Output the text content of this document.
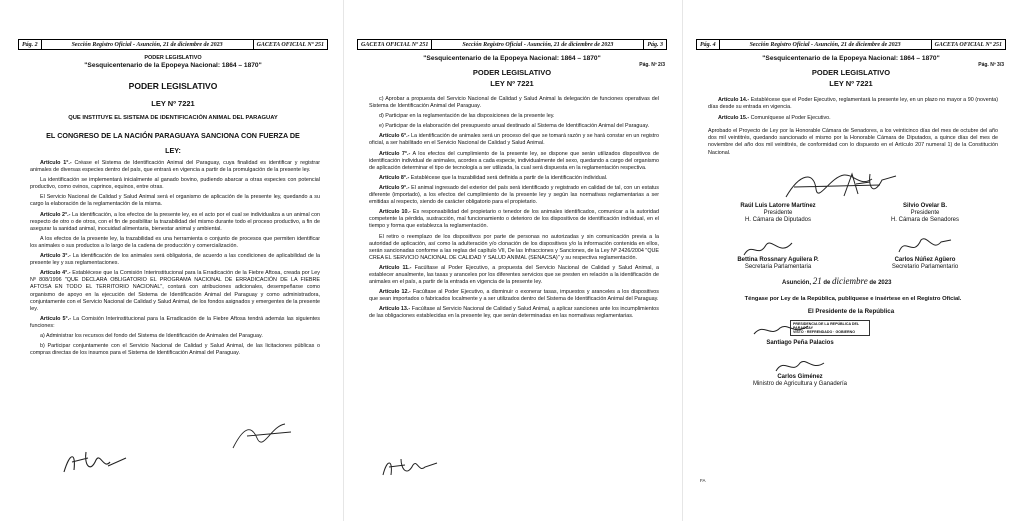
Pág. 2	Sección Registro Oficial - Asunción, 21 de diciembre de 2023	GACETA OFICIAL Nº 251
PODER LEGISLATIVO
"Sesquicentenario de la Epopeya Nacional: 1864 – 1870"
PODER LEGISLATIVO
LEY Nº 7221
QUE INSTITUYE EL SISTEMA DE IDENTIFICACIÓN ANIMAL DEL PARAGUAY
EL CONGRESO DE LA NACIÓN PARAGUAYA SANCIONA CON FUERZA DE
LEY:

Artículo 1°.- Créase el Sistema de Identificación Animal del Paraguay, cuya finalidad es identificar y registrar animales de diversas especies dentro del país, que entrará en vigencia a partir de la promulgación de la presente ley.

La identificación se implementará inicialmente al ganado bovino, pudiendo abarcar a otras especies con potencial productivo, como ovinos, caprinos, equinos, entre otras.

El Servicio Nacional de Calidad y Salud Animal será el organismo de aplicación de la presente ley, quedando a su cargo la elaboración de la reglamentación de la misma.

Artículo 2°.- La identificación, a los efectos de la presente ley, es el acto por el cual se individualiza a un animal con respecto de otro o de otros, con el fin de posibilitar la trazabilidad del mismo durante todo el proceso productivo, a fin de asegurar la sanidad animal, inocuidad alimentaria, bienestar animal y ambiental.

A los efectos de la presente ley, la trazabilidad es una herramienta o conjunto de procesos que permiten identificar los animales o sus productos a lo largo de la cadena de producción y comercialización.

Artículo 3°.- La identificación de los animales será obligatoria, de acuerdo a las condiciones de aplicabilidad de la presente ley y sus reglamentaciones.

Artículo 4°.- Establécese que la Comisión Interinstitucional para la Erradicación de la Fiebre Aftosa, creada por Ley Nº 808/1996 "QUE DECLARA OBLIGATORIO EL PROGRAMA NACIONAL DE ERRADICACIÓN DE LA FIEBRE AFTOSA EN TODO EL TERRITORIO NACIONAL", contará con atribuciones adicionales, desempeñarse como organismo de apoyo en la ejecución del Sistema de Identificación Animal del Paraguay y como administradora, conjuntamente con el Servicio Nacional de Calidad y Salud Animal, de los fondos asignados y emergentes de la presente ley.

Artículo 5°.- La Comisión Interinstitucional para la Erradicación de la Fiebre Aftosa tendrá además las siguientes funciones:

a) Administrar los recursos del fondo del Sistema de Identificación de Animales del Paraguay.

b) Participar conjuntamente con el Servicio Nacional de Calidad y Salud Animal, de las licitaciones públicas o compras directas de los insumos para el Sistema de Identificación Animal del Paraguay.

GACETA OFICIAL Nº 251	Sección Registro Oficial - Asunción, 21 de diciembre de 2023	Pág. 3
"Sesquicentenario de la Epopeya Nacional: 1864 – 1870"
Pág. Nº 2/3
PODER LEGISLATIVO
LEY Nº 7221

c) Aprobar a propuesta del Servicio Nacional de Calidad y Salud Animal la delegación de funciones operativas del Sistema de Identificación Animal del Paraguay.

d) Participar en la reglamentación de las disposiciones de la presente ley.

e) Participar de la elaboración del presupuesto anual destinado al Sistema de Identificación Animal del Paraguay.

Artículo 6°.- La identificación de animales será un proceso del que se tomará razón y se hará constar en un registro oficial, a ser habilitado en el Servicio Nacional de Calidad y Salud Animal.

Artículo 7°.- A los efectos del cumplimiento de la presente ley, se dispone que serán utilizados dispositivos de identificación individual de animales, acordes a cada especie, individualmente del sexo, quedando a cargo del organismo de aplicación determinar el tipo de tecnología a ser utilizada, la cual será dispuesta en la reglamentación respectiva.

Artículo 8°.- Establécese que la trazabilidad será definida a partir de la identificación individual.

Artículo 9°.- El animal ingresado del exterior del país será identificado y registrado en calidad de tal, con un estatus diferente (importado), a los efectos del cumplimiento de la presente ley y según las normativas reglamentarias a ser emitidas al respecto, siendo de carácter obligatorio para el propietario.

Artículo 10.- Es responsabilidad del propietario o tenedor de los animales identificados, comunicar a la autoridad competente la pérdida, sustracción, mal funcionamiento o deterioro de los dispositivos de identificación individual, en el tiempo y forma que establezca la reglamentación.

El retiro o reemplazo de los dispositivos por parte de personas no autorizadas y sin comunicación previa a la autoridad de aplicación, así como la adulteración y/o clonación de los dispositivos y/o la información contenida en ellos, serán sancionadas conforme a las reglas del capítulo VII, De las Infracciones y Sanciones, de la Ley Nº 2426/2004 "QUE CREA EL SERVICIO NACIONAL DE CALIDAD Y SALUD ANIMAL (SENACSA)" y su respectiva reglamentación.

Artículo 11.- Facúltase al Poder Ejecutivo, a propuesta del Servicio Nacional de Calidad y Salud Animal, a establecer anualmente, las tasas y aranceles por los diferentes servicios que se presten en relación a la identificación de animales en el país, a partir de la entrada en vigencia de la presente ley.

Artículo 12.- Facúltase al Poder Ejecutivo, a disminuir o exonerar tasas, impuestos y aranceles a los dispositivos que sean importados o fabricados localmente y a ser utilizados dentro del Sistema de Identificación Animal del Paraguay.

Artículo 13.- Facúltase al Servicio Nacional de Calidad y Salud Animal, a aplicar sanciones ante los incumplimientos de las obligaciones establecidas en la presente ley, que serán determinadas en las normativas reglamentarias.

Pág. 4	Sección Registro Oficial - Asunción, 21 de diciembre de 2023	GACETA OFICIAL Nº 251
"Sesquicentenario de la Epopeya Nacional: 1864 – 1870"
Pág. Nº 3/3
PODER LEGISLATIVO
LEY Nº 7221

Artículo 14.- Establécese que el Poder Ejecutivo, reglamentará la presente ley, en un plazo no mayor a 90 (noventa) días desde su entrada en vigencia.

Artículo 15.- Comuníquese al Poder Ejecutivo.

Aprobado el Proyecto de Ley por la Honorable Cámara de Senadores, a los veinticinco días del mes de octubre del año dos mil veintitrés, quedando sancionado el mismo por la Honorable Cámara de Diputados, a quince días del mes de noviembre del año dos mil veintitrés, de conformidad con lo dispuesto en el Artículo 207 numeral 1) de la Constitución Nacional.

Raúl Luis Latorre Martínez
Presidente
H. Cámara de Diputados
Silvio Ovelar B.
Presidente
H. Cámara de Senadores
Bettina Rossnary Aguilera P.
Secretaria Parlamentaria
Carlos Núñez Agüero
Secretario Parlamentario
Asunción, 21 de diciembre de 2023

Téngase por Ley de la República, publíquese e insértese en el Registro Oficial.

El Presidente de la República
PRESIDENCIA DE LA REPÚBLICA DEL PARAGUAY
VISTO · REFRENDADO · GOBIERNO
Santiago Peña Palacios
Carlos Giménez
Ministro de Agricultura y Ganadería
FA
